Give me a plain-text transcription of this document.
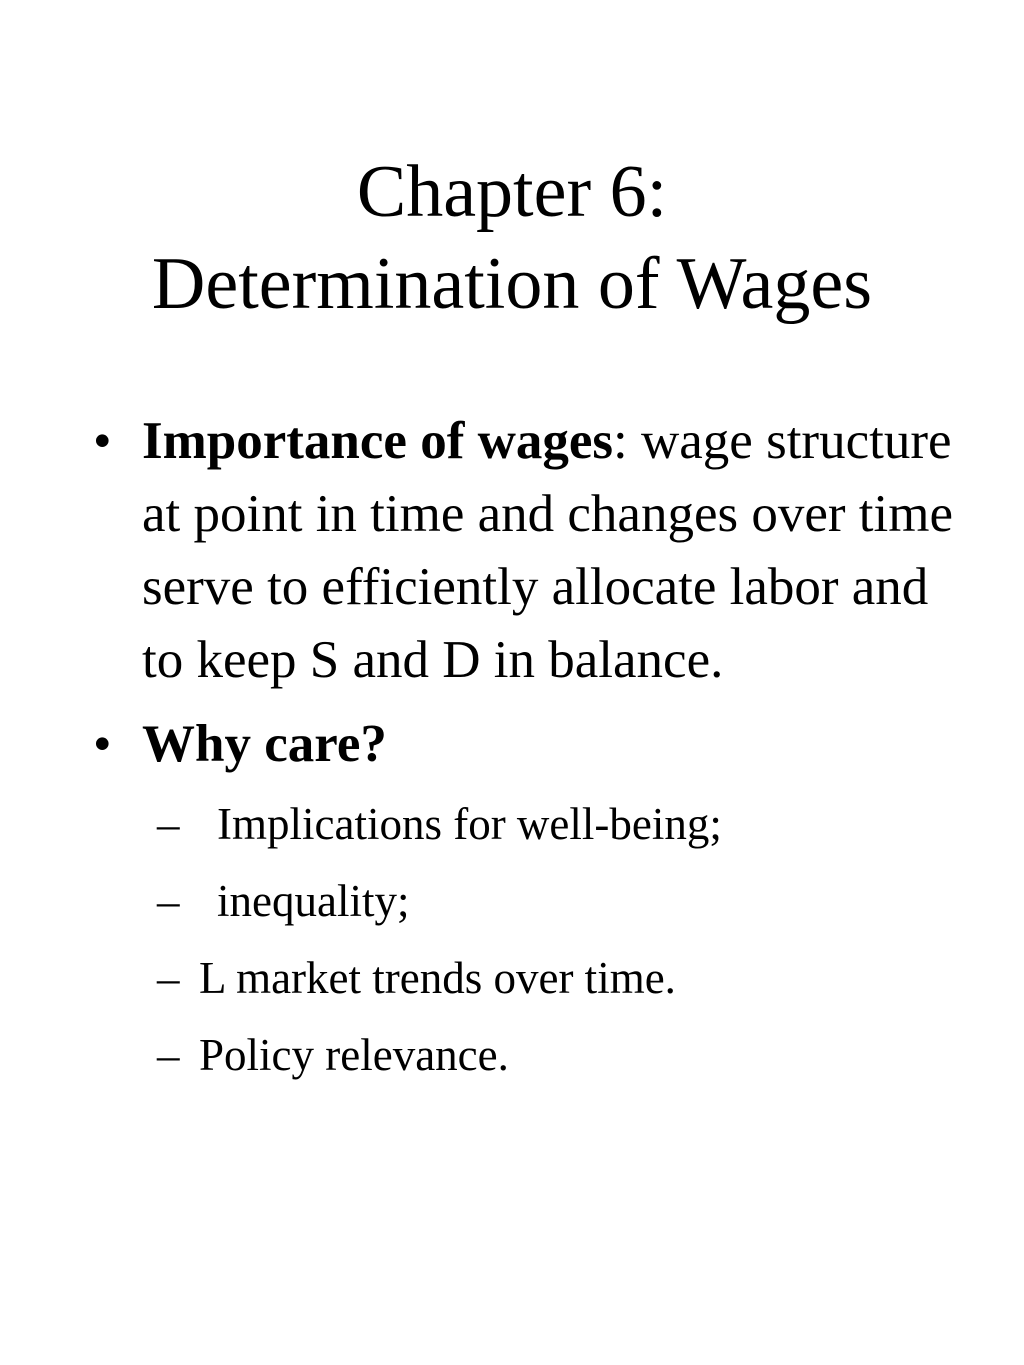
Chapter 6:
Determination of Wages
• Importance of wages: wage structure at point in time and changes over time serve to efficiently allocate labor and to keep S and D in balance.
• Why care?
– Implications for well-being;
– inequality;
– L market trends over time.
– Policy relevance.
